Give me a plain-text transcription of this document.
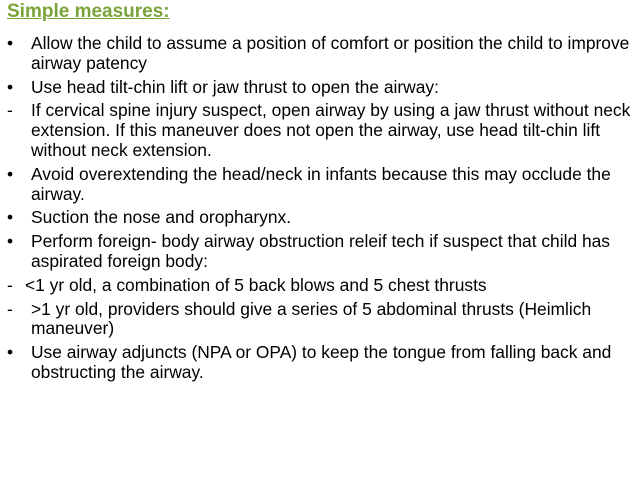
Simple measures:
•	Allow the child to assume a position of comfort or position the child to improve airway patency
•	Use head tilt-chin lift or jaw thrust to open the airway:
-	If cervical spine injury suspect, open airway by using a jaw thrust without neck extension. If this maneuver does not open the airway, use head tilt-chin lift without neck extension.
•	Avoid overextending the head/neck in infants because this may occlude the airway.
•	Suction the nose and oropharynx.
•	Perform foreign- body airway obstruction releif tech if suspect that child has aspirated foreign body:
- <1 yr old, a combination of 5 back blows and 5 chest thrusts
-	>1 yr old, providers should give a series of 5 abdominal thrusts (Heimlich maneuver)
•	Use airway adjuncts (NPA or OPA) to keep the tongue from falling back and obstructing the airway.
